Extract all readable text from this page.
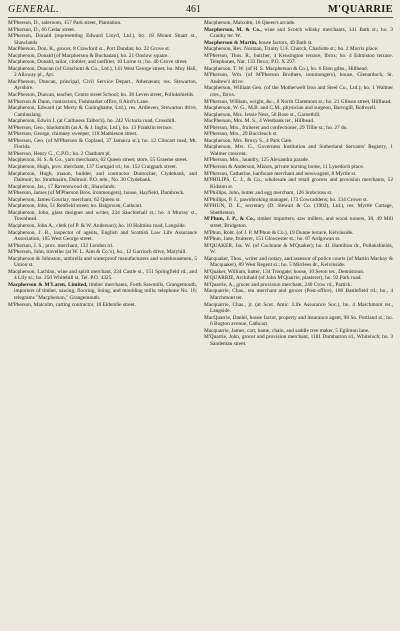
GENERAL.	461	M'QUARRIE
M'Pherson, D., saleroom, 157 Park street, Plantation.
M'Pherson, D., 66 Cedar street.
M'Pherson, Donald (representing Edward Lloyd, Ltd.), bo. 18 Mount Stuart st., Shawlands
MacPherson, Don. R., grocer, 8 Crawford st., Port Dundas; ho. 22 Grove st.
Macpherson, Donald (of Macpherson & Buchanan), ho. 21 Onslow square.
Macpherson, Donald, tailor, clothier, and outfitter, 10 Lorne st.; ho. 40 Grove street.
Macpherson, Duncan (of Grischotti & Co., Ltd.), 141 West George street; ho. Moy Hall, 2 Alloway pl., Ayr.
MacPherson, Duncan, principal, Civil Service Depart., Athenæum; res. Stewarton, Ayrshire.
MacPherson, Duncan, teacher, Centre street School; ho. 38 Leven street, Pollokshields.
M'Pherson & Dunn, contractors, Fishmarket office, 8 Aird's Lane.
Macpherson, Edward (at Merry & Cuninghame, Ltd.), res. Ardleven, Stewarton drive, Cambuslang.
Macpherson, Edwin J. (at Caithness Talbot's), ho. 242 Victoria road, Crosshill.
M'Pherson, Geo., blacksmith (at A. & J. Inglis, Ltd.), ho. 13 Franklin terrace.
M'Pherson, George, chimney sweeper, 118 Mathieson street.
M'Pherson, Geo. (of M'Pherson & Copland, 37 Jamaica st.); ho. 12 Clincart road, Mt. Florida.
M'Pherson, Henry G., C.P.O.; ho. 2 Chatham pl.
Macpherson, H. S. & Co., yarn merchants, 62 Queen street; store, 55 Graeme street.
Macpherson, Hugh, prov. merchant, 137 Garngad rd.; ho. 152 Craigpark street.
Macpherson, Hugh, mason, builder, and contractor Duntocher, Clydebank, and Dalmuir; ho. Strathnairn, Dalmuir. P.O. tele., No. 30 Clydebank.
Macpherson, Jas., 17 Ravenswood dr., Shawlands.
M'Pherson, James (of M'Pherson Bros. ironmongers), house, Hayfield, Dumbreck.
Macpherson, James Gourlay, merchant, 62 Queen st.
Macpherson, John, 51 Renfield street; ho. Balgowan, Cathcart.
Macpherson, John, glass designer and writer, 234 Sauchiehall st.; ho. 4 Murray st., Townhead.
Macpherson, John A., clerk (of P. & W. Anderson); ho. 10 Holmlea road, Langside.
Macpherson, J. R., inspector of agents, English and Scottish Law Life Assurance Association, 165 West George street.
M'Pherson, J. S., prov. merchant, 132 London rd.
M'Pherson, John, traveller (at W. L. Aim & Co.'s), ho., 12 Garrioch drive, Maryhill.
Macpherson & Johnston, umbrella and waterproof manufacturers and warehousemen, 5 Union st.
Macpherson, Lachlan, wine and spirit merchant, 224 Castle st., 151 Springfield rd., and 4 Lily st.; ho. 250 Whitehill st. Tel. P.O. 4325.
Macpherson & M'Laren, Limited, timber merchants, Forth Sawmills, Grangemouth, importers of timber, sawing, flooring, lining, and moulding mills; telephone No. 16; telegrams "Macpherson," Grangemouth.
M'Pherson, Malcolm, carting contractor, 18 Elderslie street.
Macpherson, Malcolm, 16 Queen's arcade.
Macpherson, M. & Co., wine and Scotch whisky merchants, 141 Bath st.; ho. 3 Granby ter. W.
Macpherson & Martin, house factors, 49 Bath st.
Macpherson, Rev. Norman, Trinity U.F. Church, Charlotte st.; ho. 2 Morris place.
M'Pherson, Thos. R., butcher, 4 Kensington terrace, Ibrox; ho. 4 Edmiston terrace. Telephones, Nat. 133 Ibrox; P.O. X 297.
Macpherson, T. W. (of H. S. Macpherson & Co.), ho. 6 Eton gdns., Hillhead.
M'Pherson, Wm. (of M'Pherson Brothers, ironmongers), house, Glenardoch, St. Andrew's drive.
Macpherson, William Geo. (of the Motherwell Iron and Steel Co., Ltd.); ho. 1 Walmer cres., Ibrox.
M'Pherson, William, wright, &c., 8 North Claremont st.; ho. 21 Gibson street, Hillhead.
Macpherson, W. G., M.B. and C.M., physician and surgeon, Barrogill, Bothwell.
Macpherson, Mrs. Jessie Ness, 58 Rose st., Garnethill.
MacPherson, Mrs. M. S., 4 Westbank ter., Hillhead.
M'Pherson, Mrs., fruiterer and confectioner, 29 Tillie st.; ho. 27 do.
M'Pherson, Mrs., 29 Buccleuch st.
Macpherson, Mrs. Bruxy S., 4 Park Gate.
Macpherson, Mrs. G., Governess Institution and Sutherland Servants' Registry, 1 Walmer crescent.
M'Pherson, Mrs., laundry, 125 Alexandra parade.
M'Pherson & Anderson, Misses, private nursing home, 11 Lynedoch place.
M'Pherson, Catherine, hardware merchant and news-agent, 8 Myrtle st.
M'PHILIPS, C. J., & Co., wholesale and retail grocers and provision merchants, 52 Kidston st.
M'Phillips, John, butter and egg merchant, 126 Stobcross st.
M'Phillips, P. J., pawnbroking manager, 173 Cowcaddens; ho. 134 Crown st.
M'PHUN, D. E., secretary (D. Stewart & Co. (1902), Ltd.), res. Myrtle Cottage, Shettleston.
M'Phun, J. P., & Co., timber importers, saw millers, and wood turners, 38, 49 Mill street, Bridgeton.
M'Phun, Robt. (of J. P. M'Phun & Co.), 19 Dunne terrace, Kelvinside.
M'Phun, Jane, fruiterer, 151 Gloucester st.; ho. 87 Ardgowan st.
M'QUAKER, Jas. W. (of Cochrane & M'Quaker); ho. 41 Hamilton dr., Pollokshields, W.
Macquaker, Thos., writer and notary, and assessor of police courts (of Martin Mackay & Macquaker), 89 West Regent st.; ho. 5 Mirrlees dr., Kelvinside.
M'Quaker, William, hatter, 134 Trongate; house, 10 Seton ter., Dennistoun.
M'QUARRIE, Archibald (of John M'Quarrie, plasterer), ho. 92 Park road.
M'Quarrie, A., grocer and provision merchant, 240 Crow rd., Partick.
Macquarrie, Chas., tea merchant and grocer (Post-office), 186 Battlefield rd.; ho., 4 Marchmont ter.
Macquarrie, Chas., jr. (at Scot. Amic. Life Assurance Soc.), ho. 4 Marchmont ter., Langside.
MacQuarrie, Daniel, house factor, property and insurance agent, 98 So. Portland st.; ho. 6 Bogton avenue, Cathcart.
Macquarrie, James, cart, hame, chain, and saddle tree maker, 5 Eglinton lane.
M'Quarrie, John, grocer and provision merchant, 1181 Dumbarton rd., Whiteinch; ho. 3 Sandeman street.
